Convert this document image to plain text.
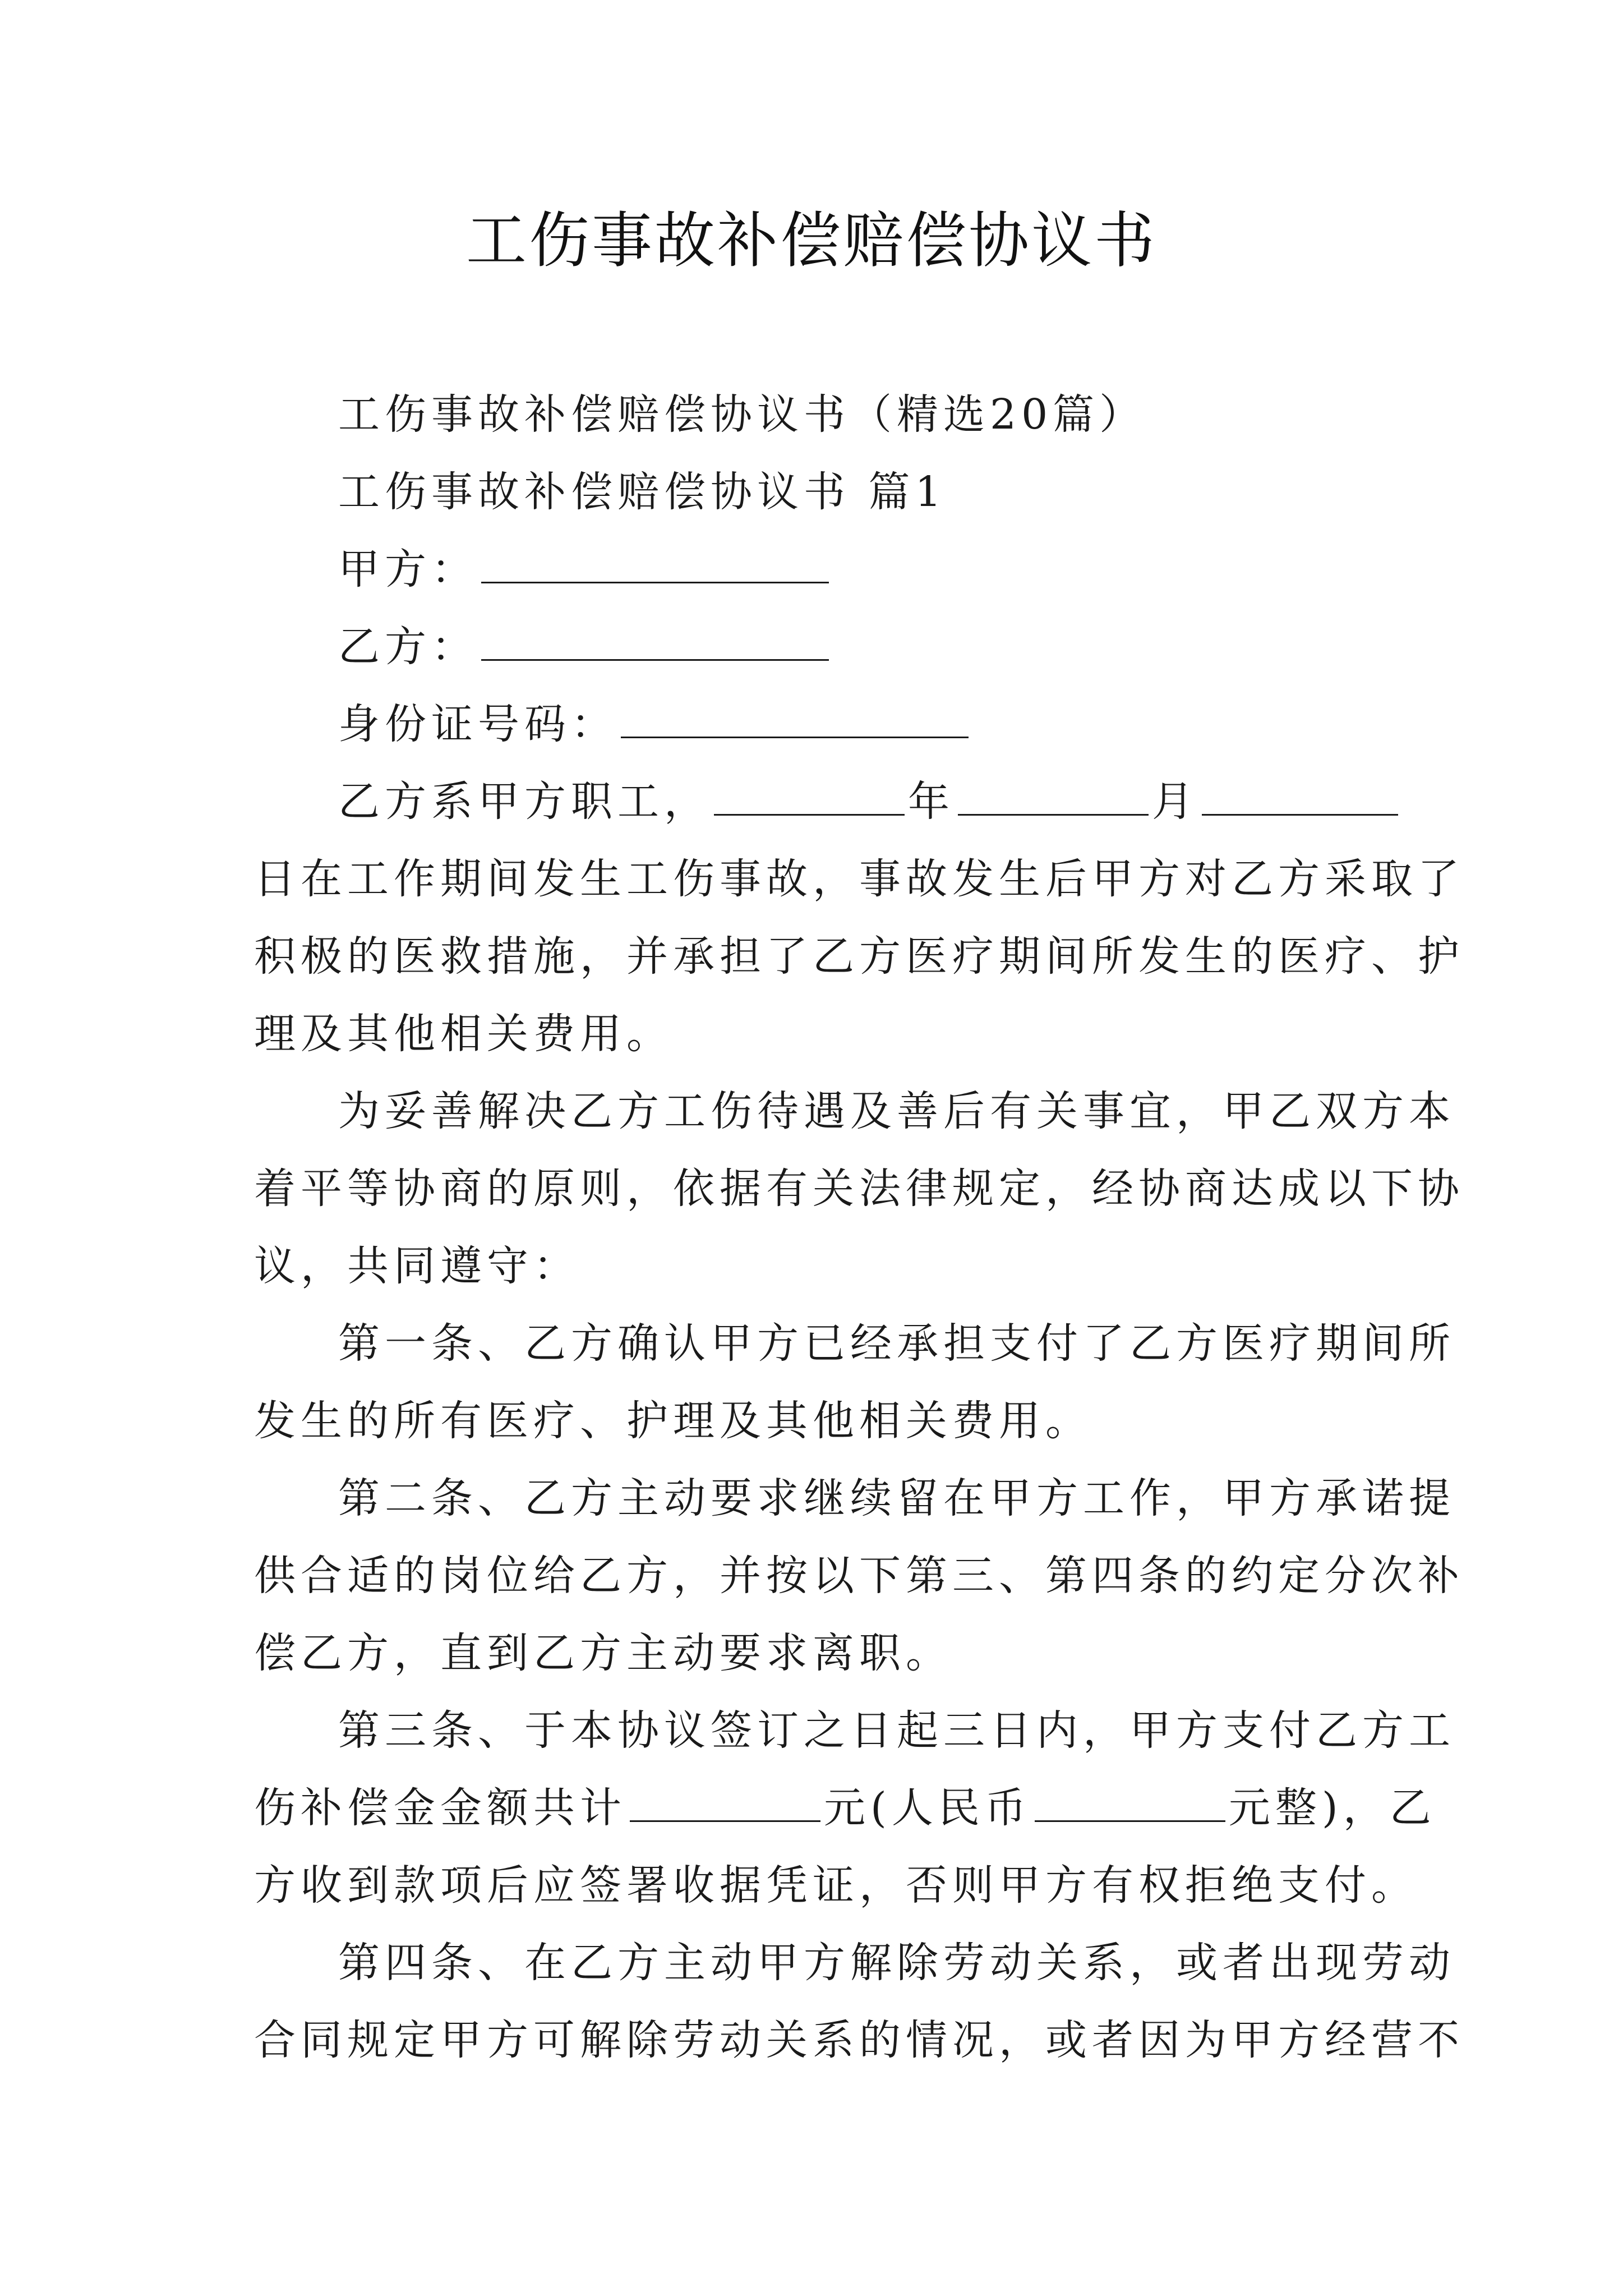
工伤事故补偿赔偿协议书
工伤事故补偿赔偿协议书（精选20篇）
工伤事故补偿赔偿协议书 篇1
甲方：
乙方：
身份证号码：
乙方系甲方职工，	年	月
日在工作期间发生工伤事故，事故发生后甲方对乙方采取了
积极的医救措施，并承担了乙方医疗期间所发生的医疗、护
理及其他相关费用。
为妥善解决乙方工伤待遇及善后有关事宜，甲乙双方本
着平等协商的原则，依据有关法律规定，经协商达成以下协
议，共同遵守：
第一条、乙方确认甲方已经承担支付了乙方医疗期间所
发生的所有医疗、护理及其他相关费用。
第二条、乙方主动要求继续留在甲方工作，甲方承诺提
供合适的岗位给乙方，并按以下第三、第四条的约定分次补
偿乙方，直到乙方主动要求离职。
第三条、于本协议签订之日起三日内，甲方支付乙方工
伤补偿金金额共计	元(人民币	元整)，乙
方收到款项后应签署收据凭证，否则甲方有权拒绝支付。
第四条、在乙方主动甲方解除劳动关系，或者出现劳动
合同规定甲方可解除劳动关系的情况，或者因为甲方经营不
